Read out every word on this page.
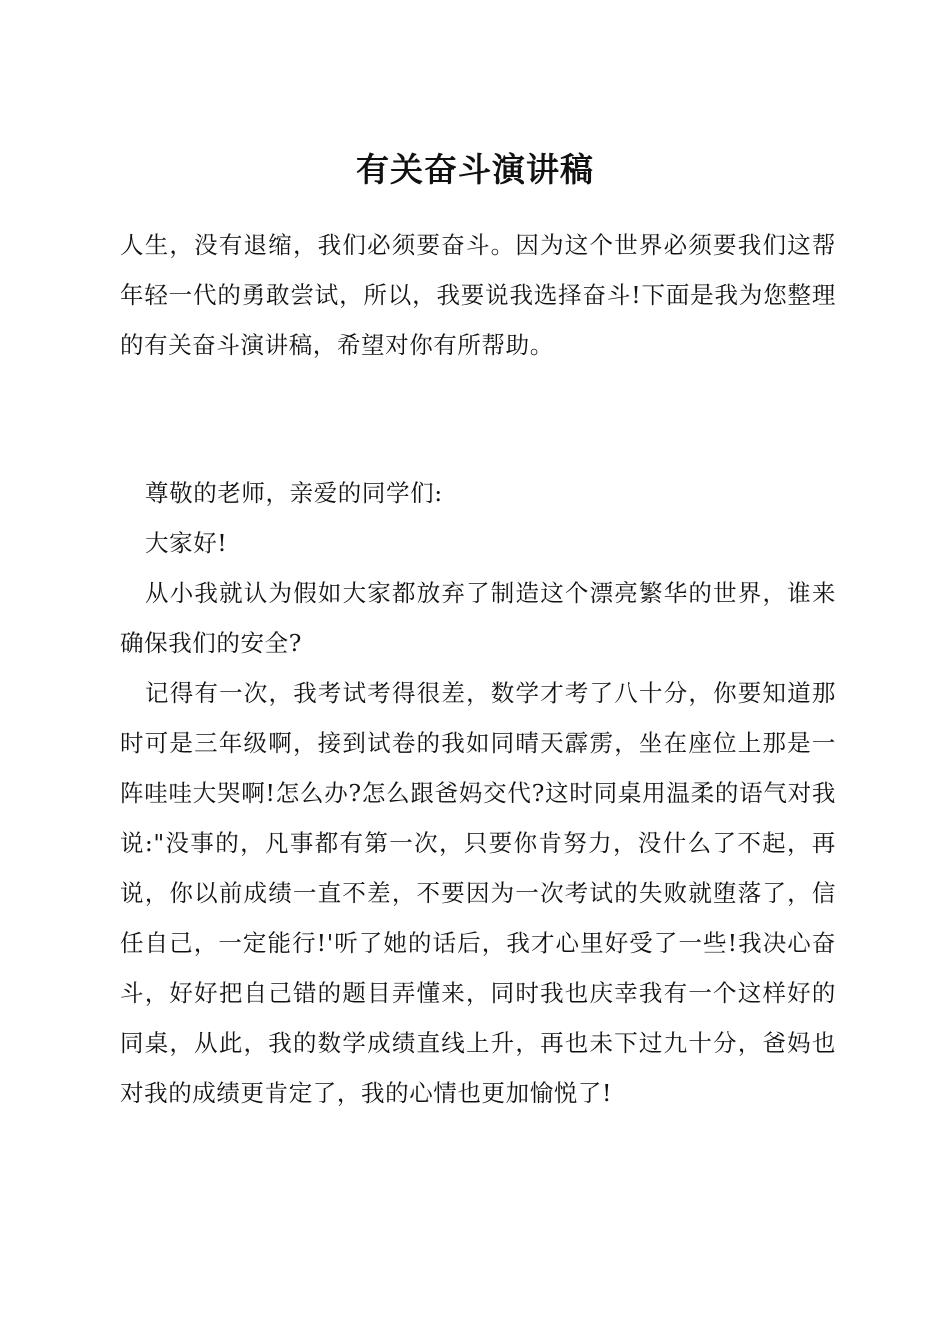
有关奋斗演讲稿

人生，没有退缩，我们必须要奋斗。因为这个世界必须要我们这帮年轻一代的勇敢尝试，所以，我要说我选择奋斗!下面是我为您整理的有关奋斗演讲稿，希望对你有所帮助。

尊敬的老师，亲爱的同学们:

大家好!

从小我就认为假如大家都放弃了制造这个漂亮繁华的世界，谁来确保我们的安全?

记得有一次，我考试考得很差，数学才考了八十分，你要知道那时可是三年级啊，接到试卷的我如同晴天霹雳，坐在座位上那是一阵哇哇大哭啊!怎么办?怎么跟爸妈交代?这时同桌用温柔的语气对我说:"没事的，凡事都有第一次，只要你肯努力，没什么了不起，再说，你以前成绩一直不差，不要因为一次考试的失败就堕落了，信任自己，一定能行!'听了她的话后，我才心里好受了一些!我决心奋斗，好好把自己错的题目弄懂来，同时我也庆幸我有一个这样好的同桌，从此，我的数学成绩直线上升，再也未下过九十分，爸妈也对我的成绩更肯定了，我的心情也更加愉悦了!
